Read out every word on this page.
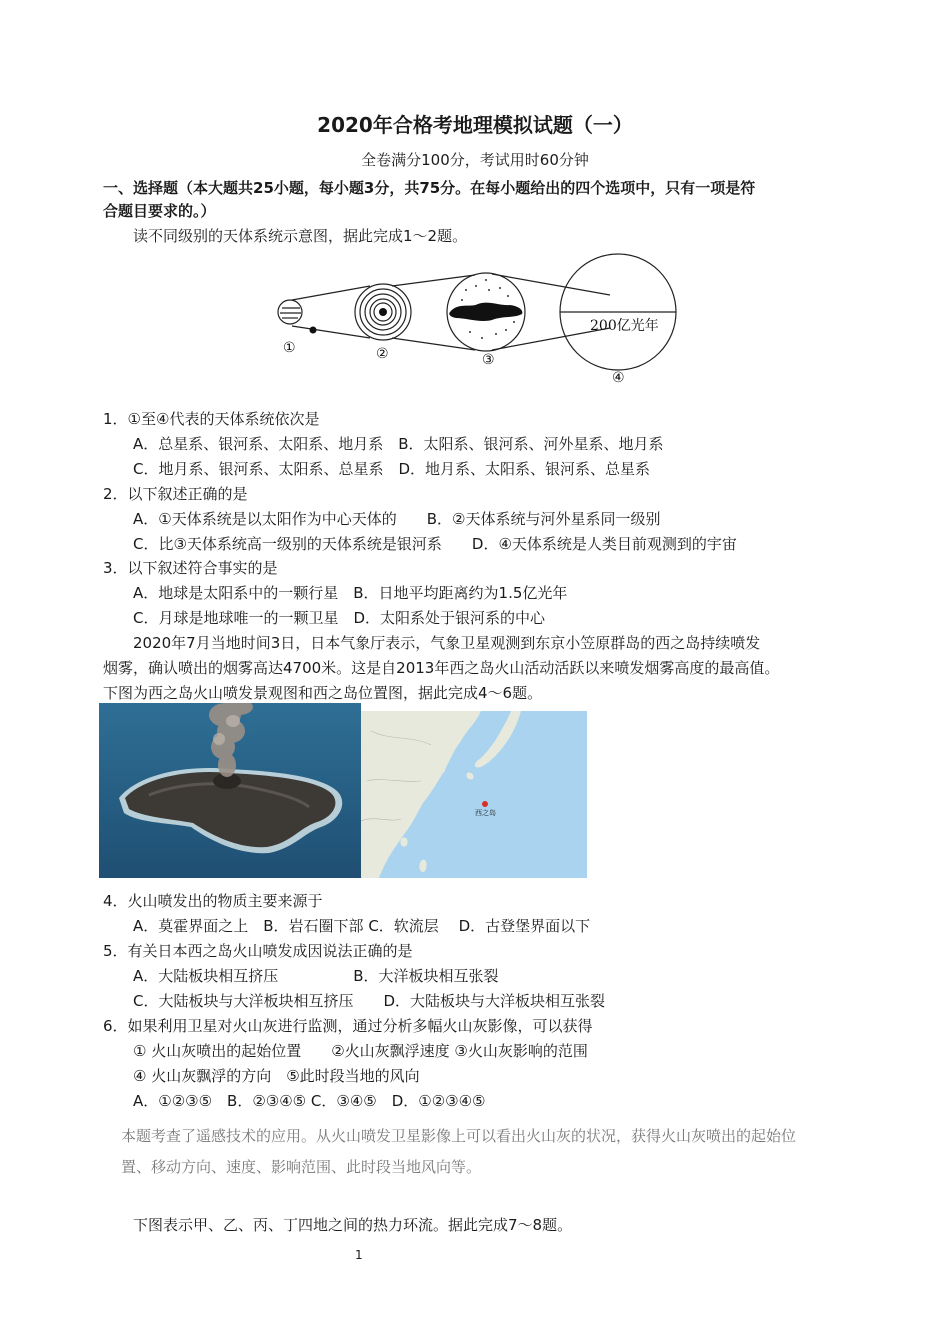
2020年合格考地理模拟试题（一）
全卷满分100分，考试用时60分钟
一、选择题（本大题共25小题，每小题3分，共75分。在每小题给出的四个选项中，只有一项是符
合题目要求的。）
读不同级别的天体系统示意图，据此完成1～2题。
200亿光年
①	②	③
④
1．①至④代表的天体系统依次是
A．总星系、银河系、太阳系、地月系　B．太阳系、银河系、河外星系、地月系
C．地月系、银河系、太阳系、总星系　D．地月系、太阳系、银河系、总星系
2．以下叙述正确的是
A．①天体系统是以太阳作为中心天体的　　B．②天体系统与河外星系同一级别
C．比③天体系统高一级别的天体系统是银河系　　D．④天体系统是人类目前观测到的宇宙
3．以下叙述符合事实的是
A．地球是太阳系中的一颗行星　B．日地平均距离约为1.5亿光年
C．月球是地球唯一的一颗卫星　D．太阳系处于银河系的中心
2020年7月当地时间3日，日本气象厅表示，气象卫星观测到东京小笠原群岛的西之岛持续喷发
烟雾，确认喷出的烟雾高达4700米。这是自2013年西之岛火山活动活跃以来喷发烟雾高度的最高值。
下图为西之岛火山喷发景观图和西之岛位置图，据此完成4～6题。
西之岛
4．火山喷发出的物质主要来源于
A．莫霍界面之上　B．岩石圈下部 C．软流层　 D．古登堡界面以下
5．有关日本西之岛火山喷发成因说法正确的是
A．大陆板块相互挤压　　　　　B．大洋板块相互张裂
C．大陆板块与大洋板块相互挤压　　D．大陆板块与大洋板块相互张裂
6．如果利用卫星对火山灰进行监测，通过分析多幅火山灰影像，可以获得
① 火山灰喷出的起始位置　　②火山灰飘浮速度 ③火山灰影响的范围
④ 火山灰飘浮的方向　⑤此时段当地的风向
A．①②③⑤　B．②③④⑤ C．③④⑤　D．①②③④⑤
本题考查了遥感技术的应用。从火山喷发卫星影像上可以看出火山灰的状况，获得火山灰喷出的起始位
置、移动方向、速度、影响范围、此时段当地风向等。
下图表示甲、乙、丙、丁四地之间的热力环流。据此完成7～8题。
1
